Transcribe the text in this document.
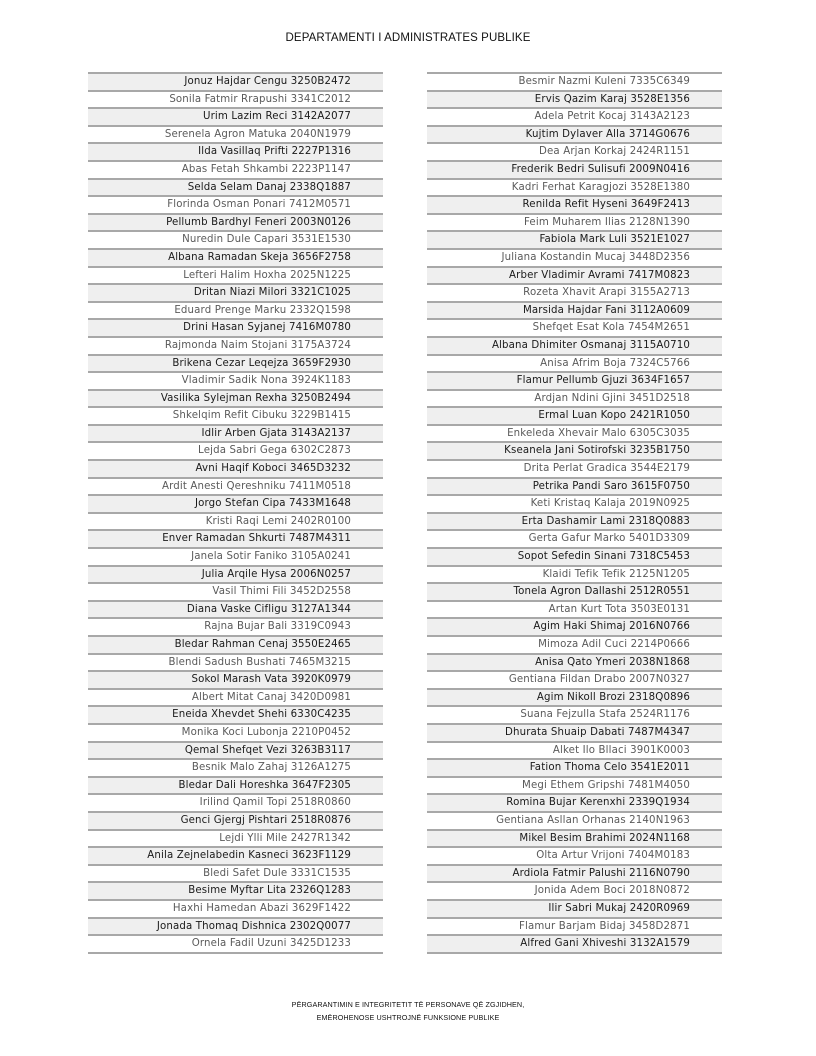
DEPARTAMENTI I ADMINISTRATES PUBLIKE
Jonuz Hajdar Cengu 3250B2472
Sonila Fatmir Rrapushi 3341C2012
Urim Lazim Reci 3142A2077
Serenela Agron Matuka 2040N1979
Ilda Vasillaq Prifti 2227P1316
Abas Fetah Shkambi 2223P1147
Selda Selam Danaj 2338Q1887
Florinda Osman Ponari 7412M0571
Pellumb Bardhyl Feneri 2003N0126
Nuredin Dule Capari 3531E1530
Albana Ramadan Skeja 3656F2758
Lefteri Halim Hoxha 2025N1225
Dritan Niazi Milori 3321C1025
Eduard Prenge Marku 2332Q1598
Drini Hasan Syjanej 7416M0780
Rajmonda Naim Stojani 3175A3724
Brikena Cezar Leqejza 3659F2930
Vladimir Sadik Nona 3924K1183
Vasilika Sylejman Rexha 3250B2494
Shkelqim Refit Cibuku 3229B1415
Idlir Arben Gjata 3143A2137
Lejda Sabri Gega 6302C2873
Avni Haqif Koboci 3465D3232
Ardit Anesti Qereshniku 7411M0518
Jorgo Stefan Cipa 7433M1648
Kristi Raqi Lemi 2402R0100
Enver Ramadan Shkurti 7487M4311
Janela Sotir Faniko 3105A0241
Julia Arqile Hysa 2006N0257
Vasil Thimi Fili 3452D2558
Diana Vaske Cifligu 3127A1344
Rajna Bujar Bali 3319C0943
Bledar Rahman Cenaj 3550E2465
Blendi Sadush Bushati 7465M3215
Sokol Marash Vata 3920K0979
Albert Mitat Canaj 3420D0981
Eneida Xhevdet Shehi 6330C4235
Monika Koci Lubonja 2210P0452
Qemal Shefqet Vezi 3263B3117
Besnik Malo Zahaj 3126A1275
Bledar Dali Horeshka 3647F2305
Irilind Qamil Topi 2518R0860
Genci Gjergj Pishtari 2518R0876
Lejdi Ylli Mile 2427R1342
Anila Zejnelabedin Kasneci 3623F1129
Bledi Safet Dule 3331C1535
Besime Myftar Lita 2326Q1283
Haxhi Hamedan Abazi 3629F1422
Jonada Thomaq Dishnica 2302Q0077
Ornela Fadil Uzuni 3425D1233
Besmir Nazmi Kuleni 7335C6349
Ervis Qazim Karaj 3528E1356
Adela Petrit Kocaj 3143A2123
Kujtim Dylaver Alla 3714G0676
Dea Arjan Korkaj 2424R1151
Frederik Bedri Sulisufi 2009N0416
Kadri Ferhat Karagjozi 3528E1380
Renilda Refit Hyseni 3649F2413
Feim Muharem Ilias 2128N1390
Fabiola Mark Luli 3521E1027
Juliana Kostandin Mucaj 3448D2356
Arber Vladimir Avrami 7417M0823
Rozeta Xhavit Arapi 3155A2713
Marsida Hajdar Fani 3112A0609
Shefqet Esat Kola 7454M2651
Albana Dhimiter Osmanaj 3115A0710
Anisa Afrim Boja 7324C5766
Flamur Pellumb Gjuzi 3634F1657
Ardjan Ndini Gjini 3451D2518
Ermal Luan Kopo 2421R1050
Enkeleda Xhevair Malo 6305C3035
Kseanela Jani Sotirofski 3235B1750
Drita Perlat Gradica 3544E2179
Petrika Pandi Saro 3615F0750
Keti Kristaq Kalaja 2019N0925
Erta Dashamir Lami 2318Q0883
Gerta Gafur Marko 5401D3309
Sopot Sefedin Sinani 7318C5453
Klaidi Tefik Tefik 2125N1205
Tonela Agron Dallashi 2512R0551
Artan Kurt Tota 3503E0131
Agim Haki Shimaj 2016N0766
Mimoza Adil Cuci 2214P0666
Anisa Qato Ymeri 2038N1868
Gentiana Fildan Drabo 2007N0327
Agim Nikoll Brozi 2318Q0896
Suana Fejzulla Stafa 2524R1176
Dhurata Shuaip Dabati 7487M4347
Alket Ilo Bllaci 3901K0003
Fation Thoma Celo 3541E2011
Megi Ethem Gripshi 7481M4050
Romina Bujar Kerenxhi 2339Q1934
Gentiana Asllan Orhanas 2140N1963
Mikel Besim Brahimi 2024N1168
Olta Artur Vrijoni 7404M0183
Ardiola Fatmir Palushi 2116N0790
Jonida Adem Boci 2018N0872
Ilir Sabri Mukaj 2420R0969
Flamur Barjam Bidaj 3458D2871
Alfred Gani Xhiveshi 3132A1579
PËRGARANTIMIN E INTEGRITETIT TË PERSONAVE QË ZGJIDHEN,
EMËROHENOSE USHTROJNË FUNKSIONE PUBLIKE
